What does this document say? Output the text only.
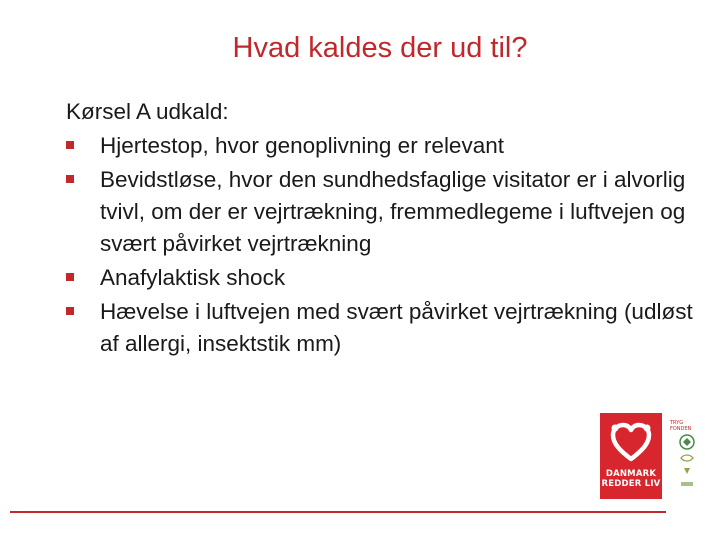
Hvad kaldes der ud til?
Kørsel A udkald:
Hjertestop, hvor genoplivning er relevant
Bevidstløse, hvor den sundhedsfaglige visitator er i alvorlig tvivl, om der er vejrtrækning, fremmedlegeme i luftvejen og svært påvirket vejrtrækning
Anafylaktisk shock
Hævelse i luftvejen med svært påvirket vejrtrækning (udløst af allergi, insektstik mm)
DANMARK
REDDER LIV
TRYG FONDEN
